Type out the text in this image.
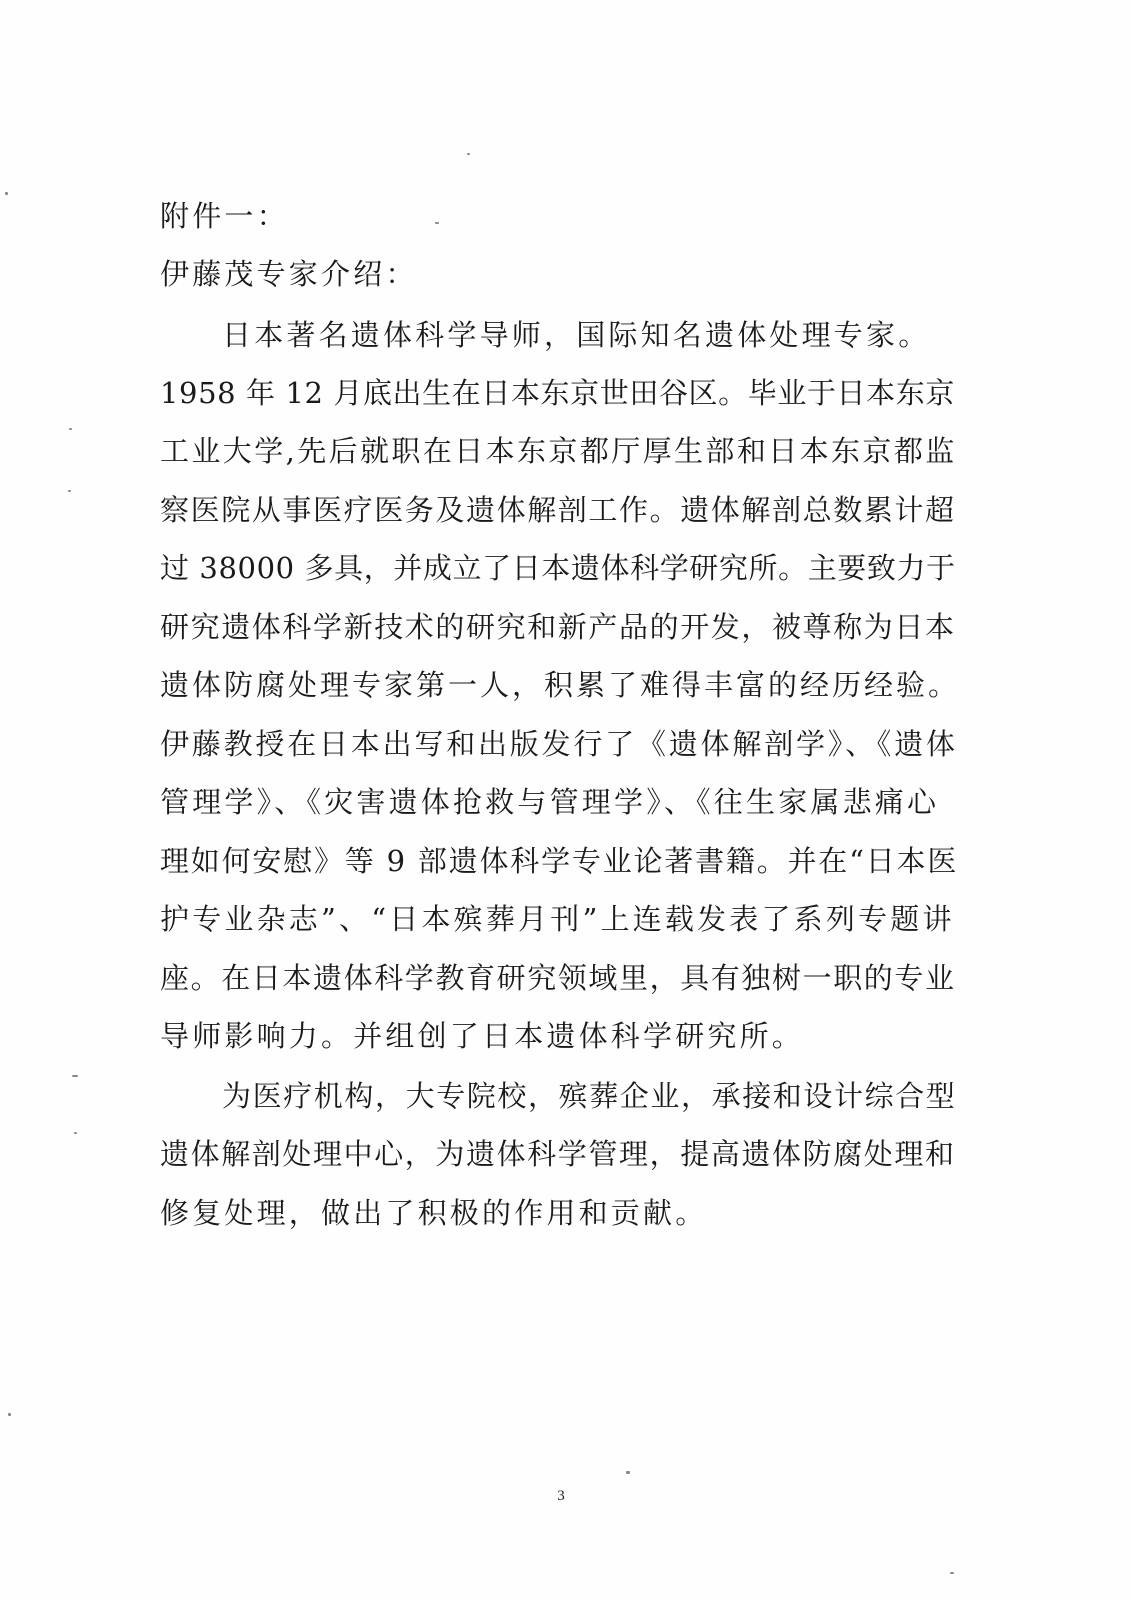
附件一：

伊藤茂专家介绍：

日本著名遗体科学导师，国际知名遗体处理专家。

1958 年 12 月底出生在日本东京世田谷区。毕业于日本东京

工业大学,先后就职在日本东京都厅厚生部和日本东京都监

察医院从事医疗医务及遗体解剖工作。遗体解剖总数累计超

过 38000 多具，并成立了日本遗体科学研究所。主要致力于

研究遗体科学新技术的研究和新产品的开发，被尊称为日本

遗体防腐处理专家第一人，积累了难得丰富的经历经验。

伊藤教授在日本出写和出版发行了《遗体解剖学》、《遗体

管理学》、《灾害遗体抢救与管理学》、《往生家属悲痛心

理如何安慰》等 9 部遗体科学专业论著書籍。并在“日本医

护专业杂志”、“日本殡葬月刊”上连载发表了系列专题讲

座。在日本遗体科学教育研究领域里，具有独树一职的专业

导师影响力。并组创了日本遗体科学研究所。

为医疗机构，大专院校，殡葬企业，承接和设计综合型

遗体解剖处理中心，为遗体科学管理，提高遗体防腐处理和

修复处理，做出了积极的作用和贡献。

3
